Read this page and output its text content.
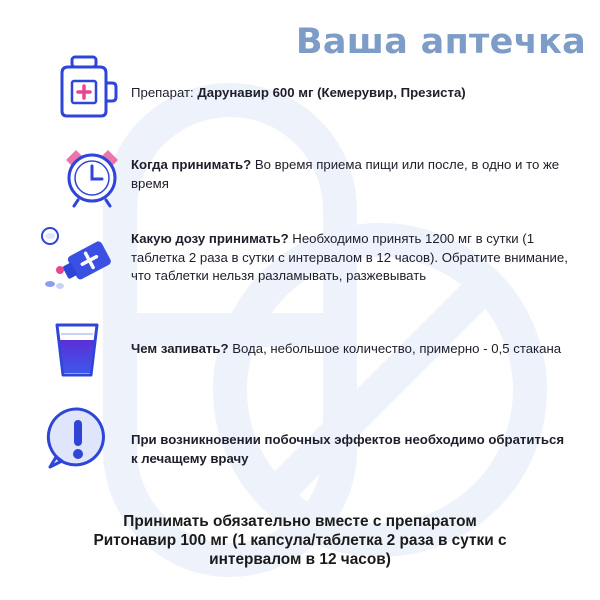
Ваша аптечка
Препарат: Дарунавир 600 мг (Кемерувир, Презиста)
Когда принимать? Во время приема пищи или после, в одно и то же время
Какую дозу принимать? Необходимо принять 1200 мг в сутки (1 таблетка 2 раза в сутки с интервалом в 12 часов). Обратите внимание, что таблетки нельзя разламывать, разжевывать
Чем запивать? Вода, небольшое количество, примерно - 0,5 стакана
При возникновении побочных эффектов необходимо обратиться к лечащему врачу
Принимать обязательно вместе с препаратом
Ритонавир 100 мг (1 капсула/таблетка 2 раза в сутки с
интервалом в 12 часов)
